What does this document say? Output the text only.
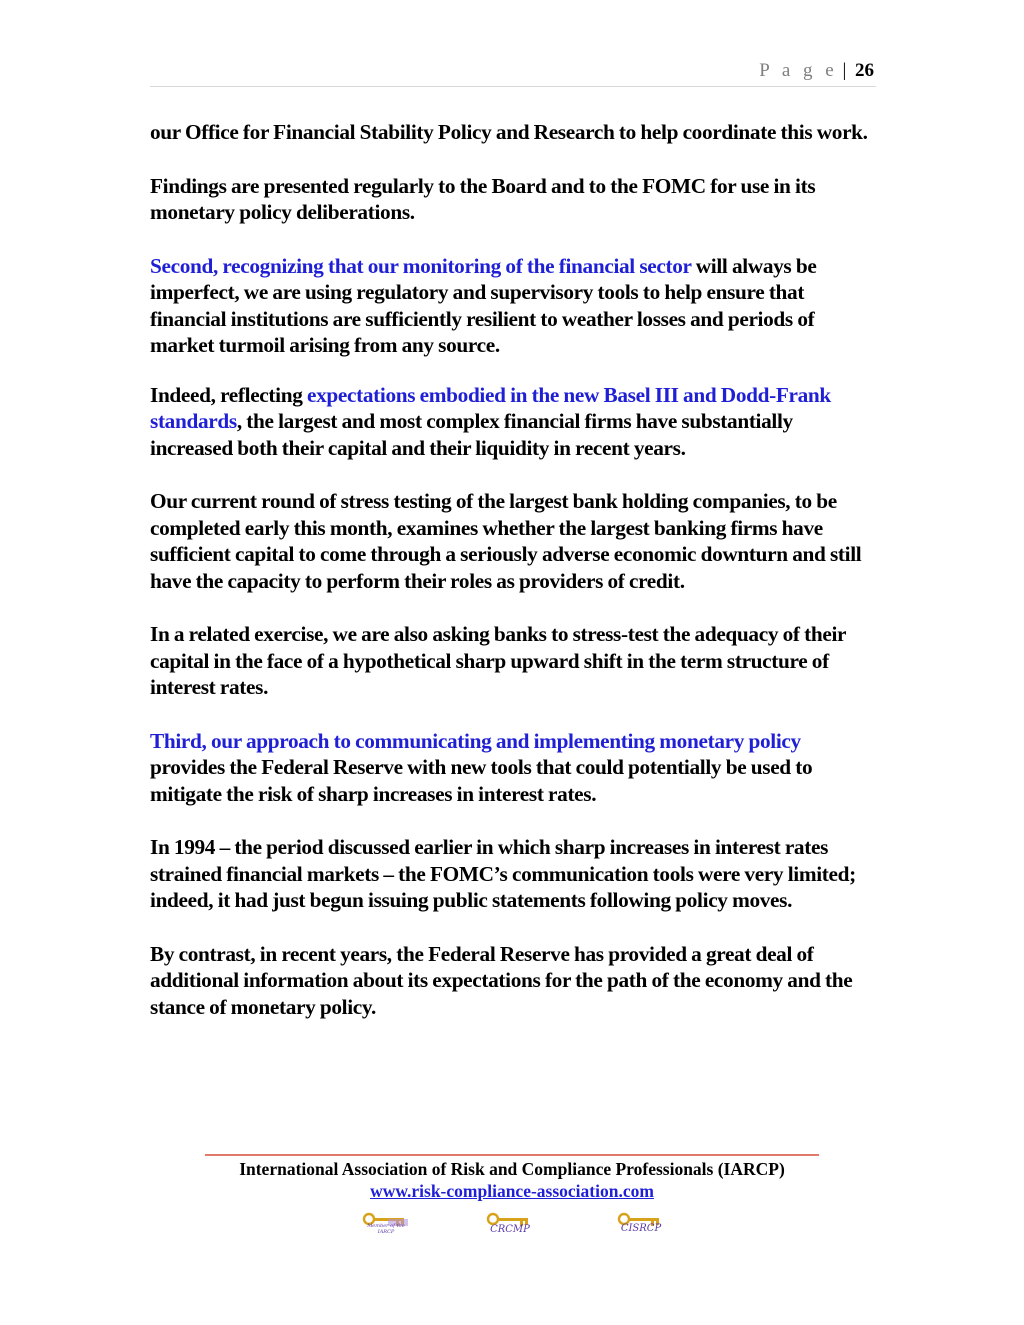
P a g e | 26

our Office for Financial Stability Policy and Research to help coordinate this work.

Findings are presented regularly to the Board and to the FOMC for use in its monetary policy deliberations.

Second, recognizing that our monitoring of the financial sector will always be imperfect, we are using regulatory and supervisory tools to help ensure that financial institutions are sufficiently resilient to weather losses and periods of market turmoil arising from any source.

Indeed, reflecting expectations embodied in the new Basel III and Dodd-Frank standards, the largest and most complex financial firms have substantially increased both their capital and their liquidity in recent years.

Our current round of stress testing of the largest bank holding companies, to be completed early this month, examines whether the largest banking firms have sufficient capital to come through a seriously adverse economic downturn and still have the capacity to perform their roles as providers of credit.

In a related exercise, we are also asking banks to stress-test the adequacy of their capital in the face of a hypothetical sharp upward shift in the term structure of interest rates.

Third, our approach to communicating and implementing monetary policy provides the Federal Reserve with new tools that could potentially be used to mitigate the risk of sharp increases in interest rates.

In 1994 – the period discussed earlier in which sharp increases in interest rates strained financial markets – the FOMC’s communication tools were very limited; indeed, it had just begun issuing public statements following policy moves.

By contrast, in recent years, the Federal Reserve has provided a great deal of additional information about its expectations for the path of the economy and the stance of monetary policy.

International Association of Risk and Compliance Professionals (IARCP)
www.risk-compliance-association.com
Member of the IARCP	CRCMP	CISRCP
